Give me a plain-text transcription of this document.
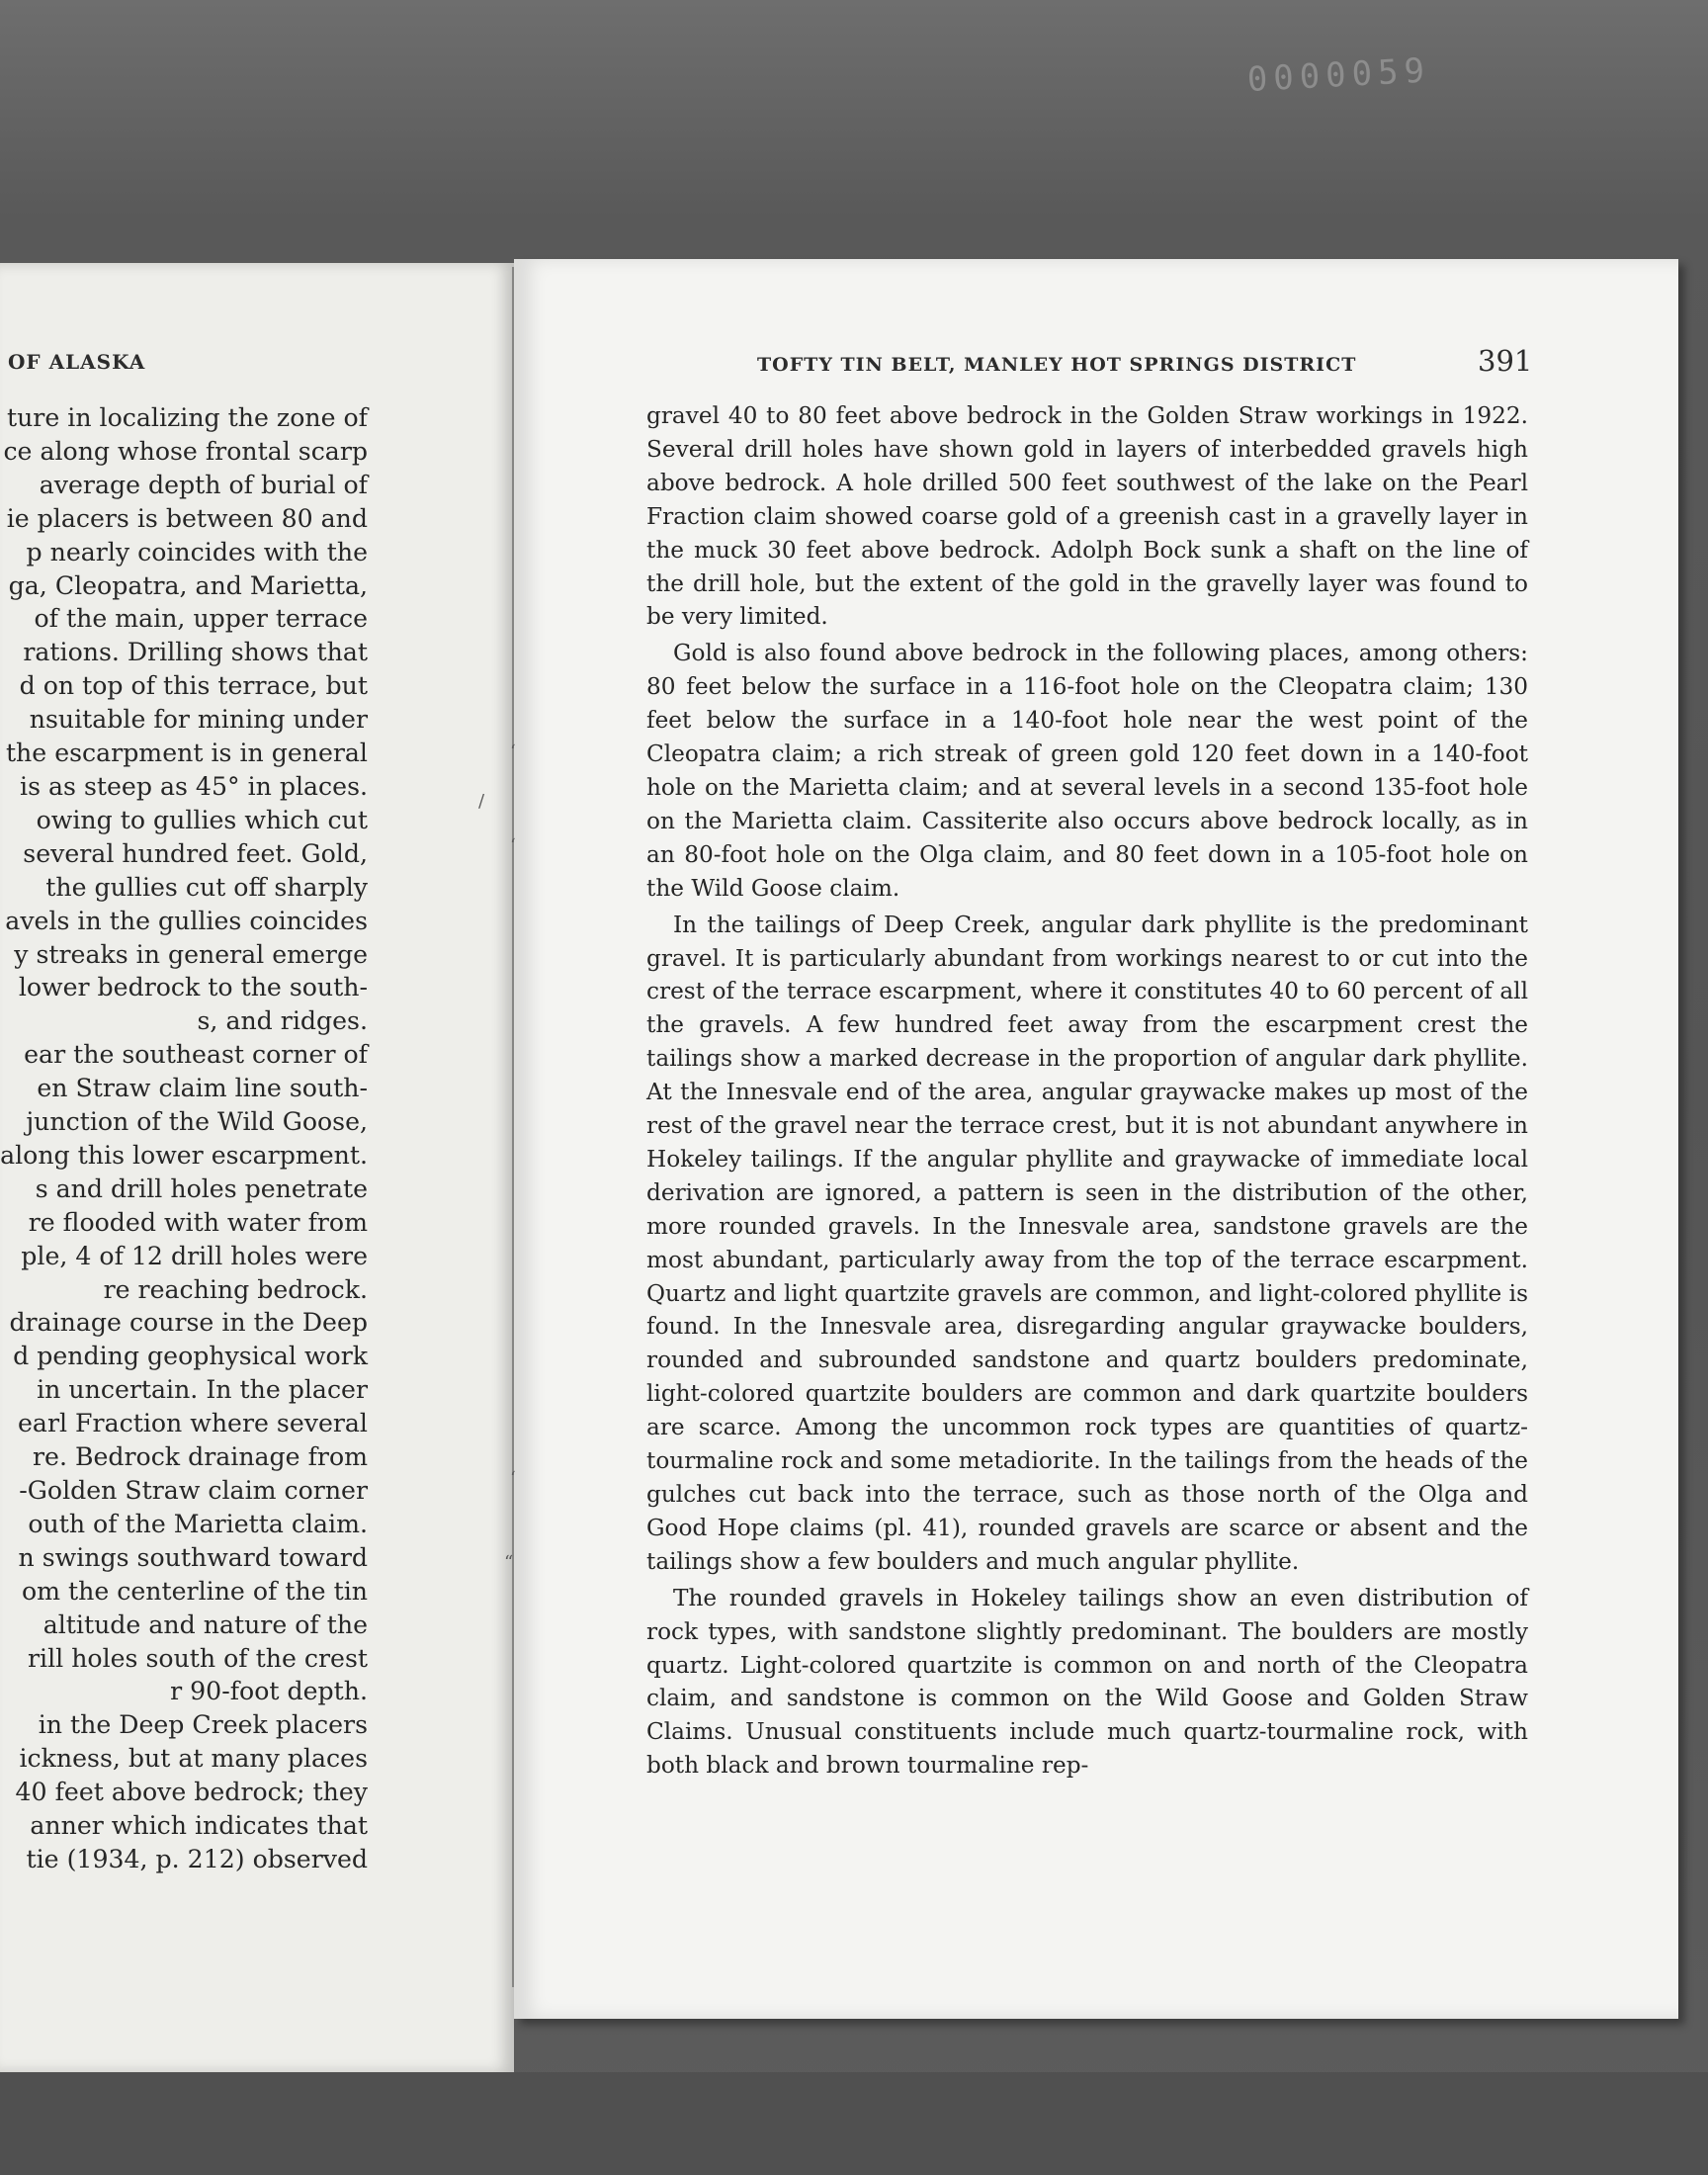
0000059
OF ALASKA
ture in localizing the zone of
ce along whose frontal scarp
average depth of burial of
ie placers is between 80 and
p nearly coincides with the
ga, Cleopatra, and Marietta,
of the main, upper terrace
rations. Drilling shows that
d on top of this terrace, but
nsuitable for mining under
the escarpment is in general
is as steep as 45° in places.
owing to gullies which cut
several hundred feet. Gold,
the gullies cut off sharply
avels in the gullies coincides
y streaks in general emerge
lower bedrock to the south-
s, and ridges.
ear the southeast corner of
en Straw claim line south-
junction of the Wild Goose,
along this lower escarpment.
s and drill holes penetrate
re flooded with water from
ple, 4 of 12 drill holes were
re reaching bedrock.
drainage course in the Deep
d pending geophysical work
in uncertain. In the placer
earl Fraction where several
re. Bedrock drainage from
-Golden Straw claim corner
outh of the Marietta claim.
n swings southward toward
om the centerline of the tin
altitude and nature of the
rill holes south of the crest
r 90-foot depth.
in the Deep Creek placers
ickness, but at many places
40 feet above bedrock; they
anner which indicates that
tie (1934, p. 212) observed
TOFTY TIN BELT, MANLEY HOT SPRINGS DISTRICT	391

gravel 40 to 80 feet above bedrock in the Golden Straw workings in 1922. Several drill holes have shown gold in layers of interbedded gravels high above bedrock. A hole drilled 500 feet southwest of the lake on the Pearl Fraction claim showed coarse gold of a greenish cast in a gravelly layer in the muck 30 feet above bedrock. Adolph Bock sunk a shaft on the line of the drill hole, but the extent of the gold in the gravelly layer was found to be very limited.

Gold is also found above bedrock in the following places, among others: 80 feet below the surface in a 116-foot hole on the Cleopatra claim; 130 feet below the surface in a 140-foot hole near the west point of the Cleopatra claim; a rich streak of green gold 120 feet down in a 140-foot hole on the Marietta claim; and at several levels in a second 135-foot hole on the Marietta claim. Cassiterite also occurs above bedrock locally, as in an 80-foot hole on the Olga claim, and 80 feet down in a 105-foot hole on the Wild Goose claim.

In the tailings of Deep Creek, angular dark phyllite is the predominant gravel. It is particularly abundant from workings nearest to or cut into the crest of the terrace escarpment, where it constitutes 40 to 60 percent of all the gravels. A few hundred feet away from the escarpment crest the tailings show a marked decrease in the proportion of angular dark phyllite. At the Innesvale end of the area, angular graywacke makes up most of the rest of the gravel near the terrace crest, but it is not abundant anywhere in Hokeley tailings. If the angular phyllite and graywacke of immediate local derivation are ignored, a pattern is seen in the distribution of the other, more rounded gravels. In the Innesvale area, sandstone gravels are the most abundant, particularly away from the top of the terrace escarpment. Quartz and light quartzite gravels are common, and light-colored phyllite is found. In the Innesvale area, disregarding angular graywacke boulders, rounded and subrounded sandstone and quartz boulders predominate, light-colored quartzite boulders are common and dark quartzite boulders are scarce. Among the uncommon rock types are quantities of quartz-tourmaline rock and some metadiorite. In the tailings from the heads of the gulches cut back into the terrace, such as those north of the Olga and Good Hope claims (pl. 41), rounded gravels are scarce or absent and the tailings show a few boulders and much angular phyllite.

The rounded gravels in Hokeley tailings show an even distribution of rock types, with sandstone slightly predominant. The boulders are mostly quartz. Light-colored quartzite is common on and north of the Cleopatra claim, and sandstone is common on the Wild Goose and Golden Straw Claims. Unusual constituents include much quartz-tourmaline rock, with both black and brown tourmaline rep-

‘
/
‘
‘
“
